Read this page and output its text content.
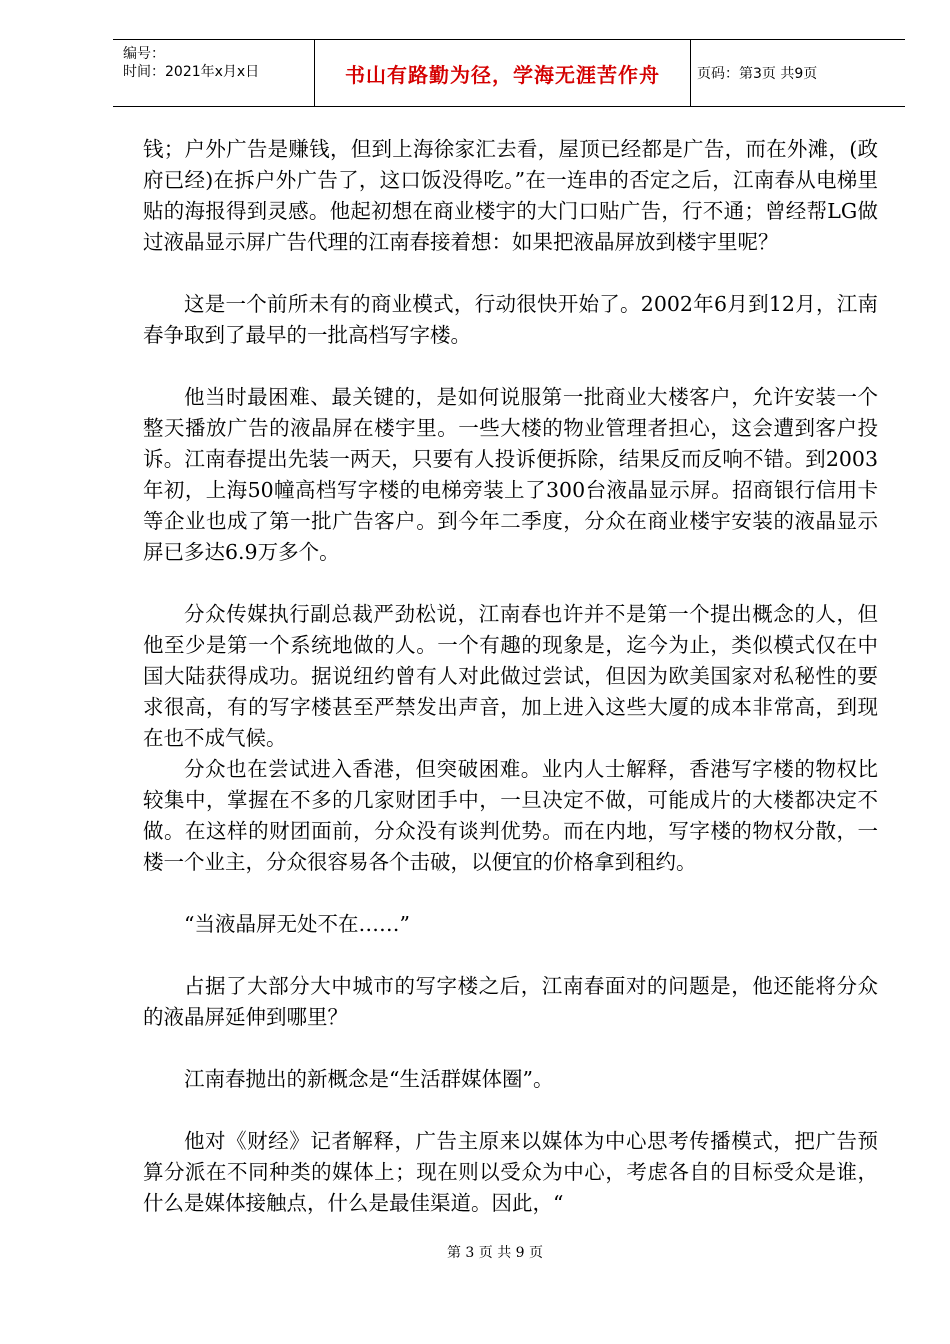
编号：
时间：2021年x月x日	书山有路勤为径，学海无涯苦作舟	页码：第3页 共9页

钱；户外广告是赚钱，但到上海徐家汇去看，屋顶已经都是广告，而在外滩，(政府已经)在拆户外广告了，这口饭没得吃。”在一连串的否定之后，江南春从电梯里贴的海报得到灵感。他起初想在商业楼宇的大门口贴广告，行不通；曾经帮LG做过液晶显示屏广告代理的江南春接着想：如果把液晶屏放到楼宇里呢？

这是一个前所未有的商业模式，行动很快开始了。2002年6月到12月，江南春争取到了最早的一批高档写字楼。

他当时最困难、最关键的，是如何说服第一批商业大楼客户，允许安装一个整天播放广告的液晶屏在楼宇里。一些大楼的物业管理者担心，这会遭到客户投诉。江南春提出先装一两天，只要有人投诉便拆除，结果反而反响不错。到2003年初，上海50幢高档写字楼的电梯旁装上了300台液晶显示屏。招商银行信用卡等企业也成了第一批广告客户。到今年二季度，分众在商业楼宇安装的液晶显示屏已多达6.9万多个。

分众传媒执行副总裁严劲松说，江南春也许并不是第一个提出概念的人，但他至少是第一个系统地做的人。一个有趣的现象是，迄今为止，类似模式仅在中国大陆获得成功。据说纽约曾有人对此做过尝试，但因为欧美国家对私秘性的要求很高，有的写字楼甚至严禁发出声音，加上进入这些大厦的成本非常高，到现在也不成气候。

分众也在尝试进入香港，但突破困难。业内人士解释，香港写字楼的物权比较集中，掌握在不多的几家财团手中，一旦决定不做，可能成片的大楼都决定不做。在这样的财团面前，分众没有谈判优势。而在内地，写字楼的物权分散，一楼一个业主，分众很容易各个击破，以便宜的价格拿到租约。

“当液晶屏无处不在……”

占据了大部分大中城市的写字楼之后，江南春面对的问题是，他还能将分众的液晶屏延伸到哪里？

江南春抛出的新概念是“生活群媒体圈”。

他对《财经》记者解释，广告主原来以媒体为中心思考传播模式，把广告预算分派在不同种类的媒体上；现在则以受众为中心，考虑各自的目标受众是谁，什么是媒体接触点，什么是最佳渠道。因此，“

第 3 页 共 9 页
